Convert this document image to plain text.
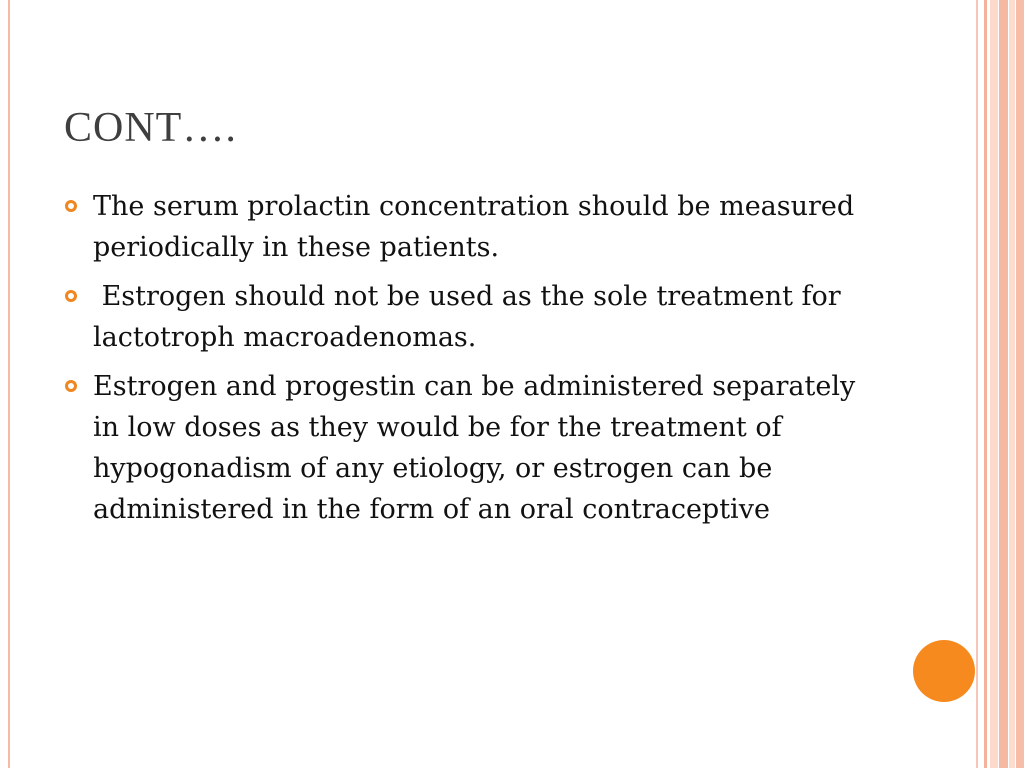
CONT….
The serum prolactin concentration should be measured periodically in these patients.
Estrogen should not be used as the sole treatment for lactotroph macroadenomas.
Estrogen and progestin can be administered separately in low doses as they would be for the treatment of hypogonadism of any etiology, or estrogen can be administered in the form of an oral contraceptive
